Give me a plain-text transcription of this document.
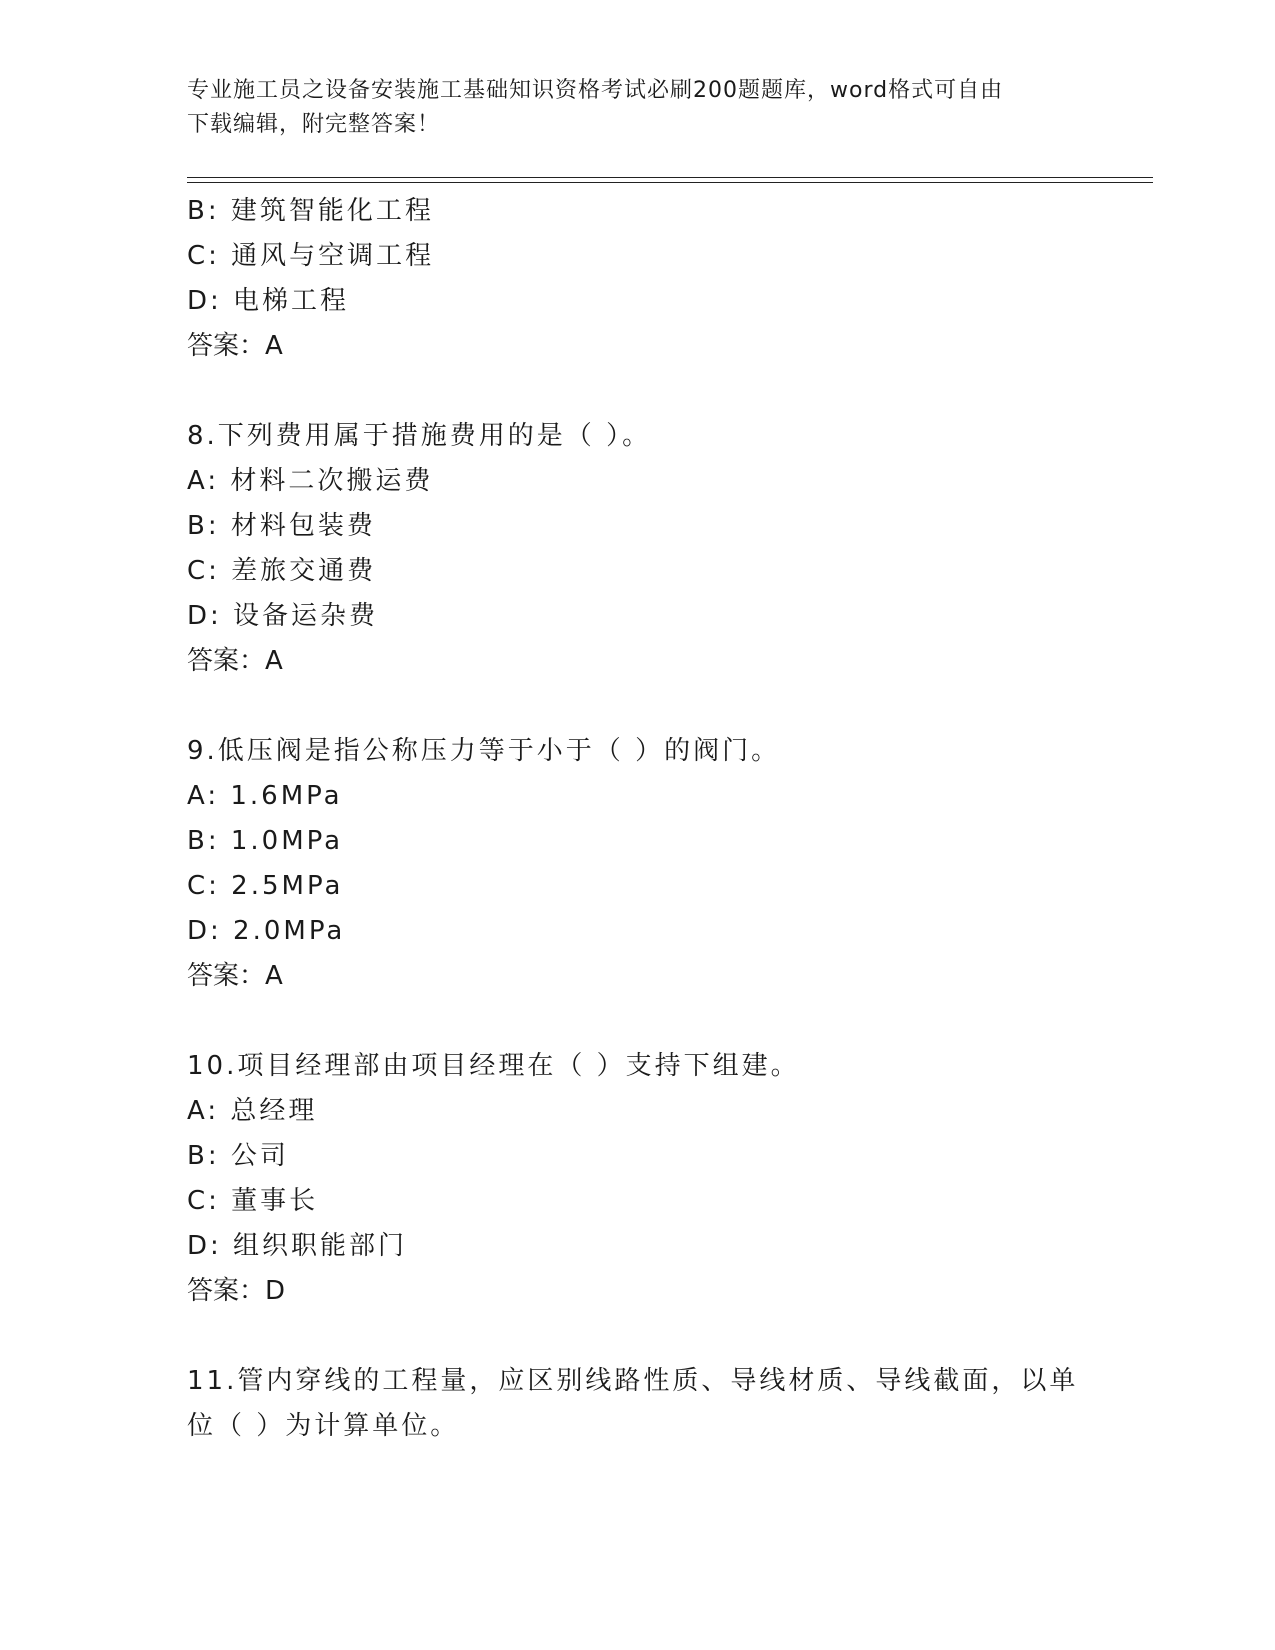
专业施工员之设备安装施工基础知识资格考试必刷200题题库，word格式可自由
下载编辑，附完整答案！
B: 建筑智能化工程
C: 通风与空调工程
D: 电梯工程
答案：A
8.下列费用属于措施费用的是（ ）。
A: 材料二次搬运费
B: 材料包装费
C: 差旅交通费
D: 设备运杂费
答案：A
9.低压阀是指公称压力等于小于（ ）的阀门。
A: 1.6MPa
B: 1.0MPa
C: 2.5MPa
D: 2.0MPa
答案：A
10.项目经理部由项目经理在（ ）支持下组建。
A: 总经理
B: 公司
C: 董事长
D: 组织职能部门
答案：D
11.管内穿线的工程量，应区别线路性质、导线材质、导线截面，以单
位（ ）为计算单位。
